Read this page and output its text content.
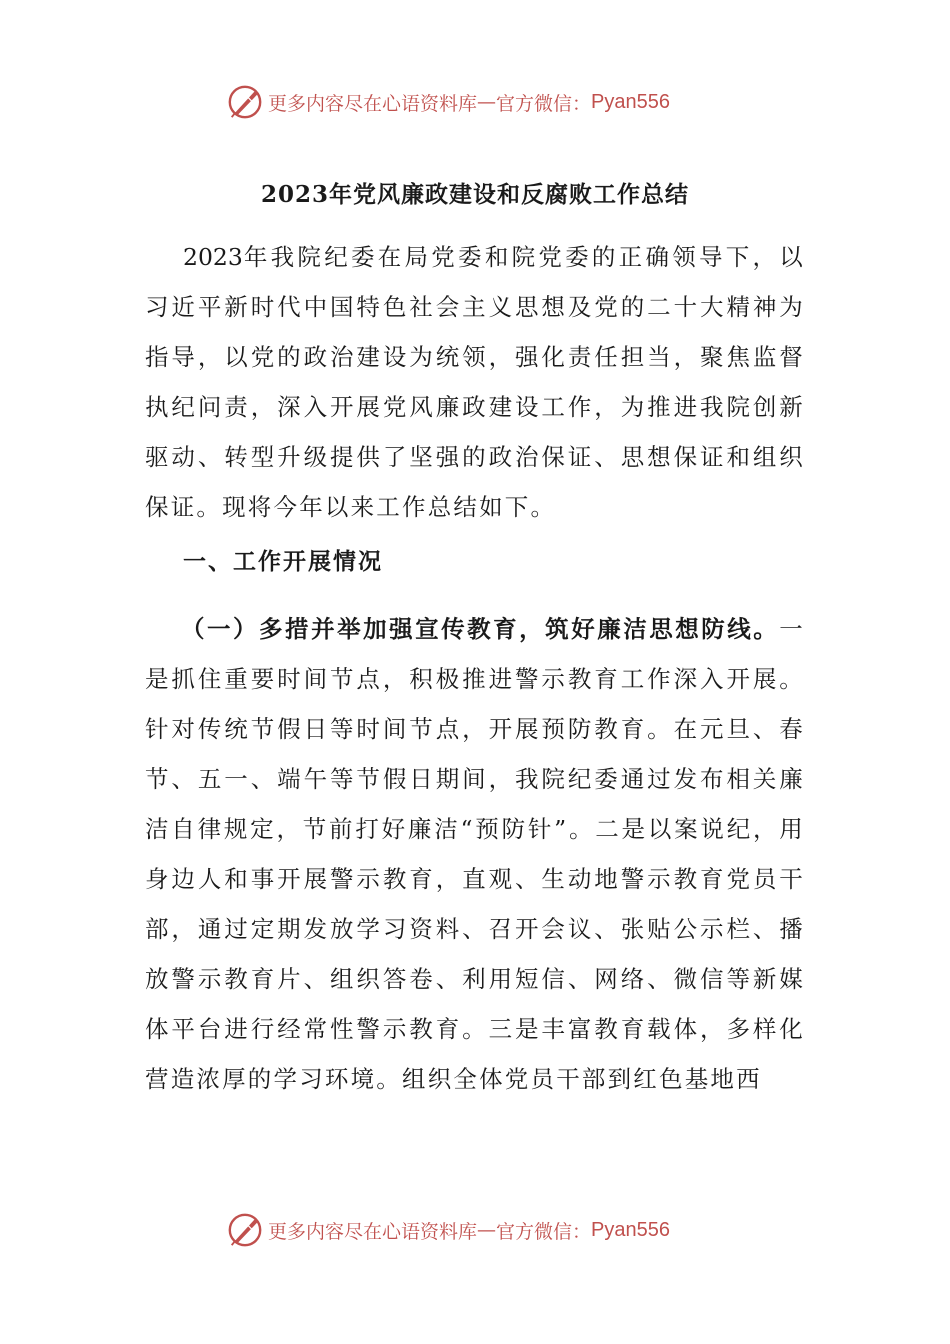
更多内容尽在心语资料库 — 官方微信： Pyan556
2023年党风廉政建设和反腐败工作总结
2023年我院纪委在局党委和院党委的正确领导下，以习近平新时代中国特色社会主义思想及党的二十大精神为指导，以党的政治建设为统领，强化责任担当，聚焦监督执纪问责，深入开展党风廉政建设工作，为推进我院创新驱动、转型升级提供了坚强的政治保证、思想保证和组织保证。现将今年以来工作总结如下。
一、工作开展情况
（一）多措并举加强宣传教育，筑好廉洁思想防线。一是抓住重要时间节点，积极推进警示教育工作深入开展。针对传统节假日等时间节点，开展预防教育。在元旦、春节、五一、端午等节假日期间，我院纪委通过发布相关廉洁自律规定，节前打好廉洁“预防针”。二是以案说纪，用身边人和事开展警示教育，直观、生动地警示教育党员干部，通过定期发放学习资料、召开会议、张贴公示栏、播放警示教育片、组织答卷、利用短信、网络、微信等新媒体平台进行经常性警示教育。三是丰富教育载体，多样化营造浓厚的学习环境。组织全体党员干部到红色基地西
更多内容尽在心语资料库 — 官方微信： Pyan556
